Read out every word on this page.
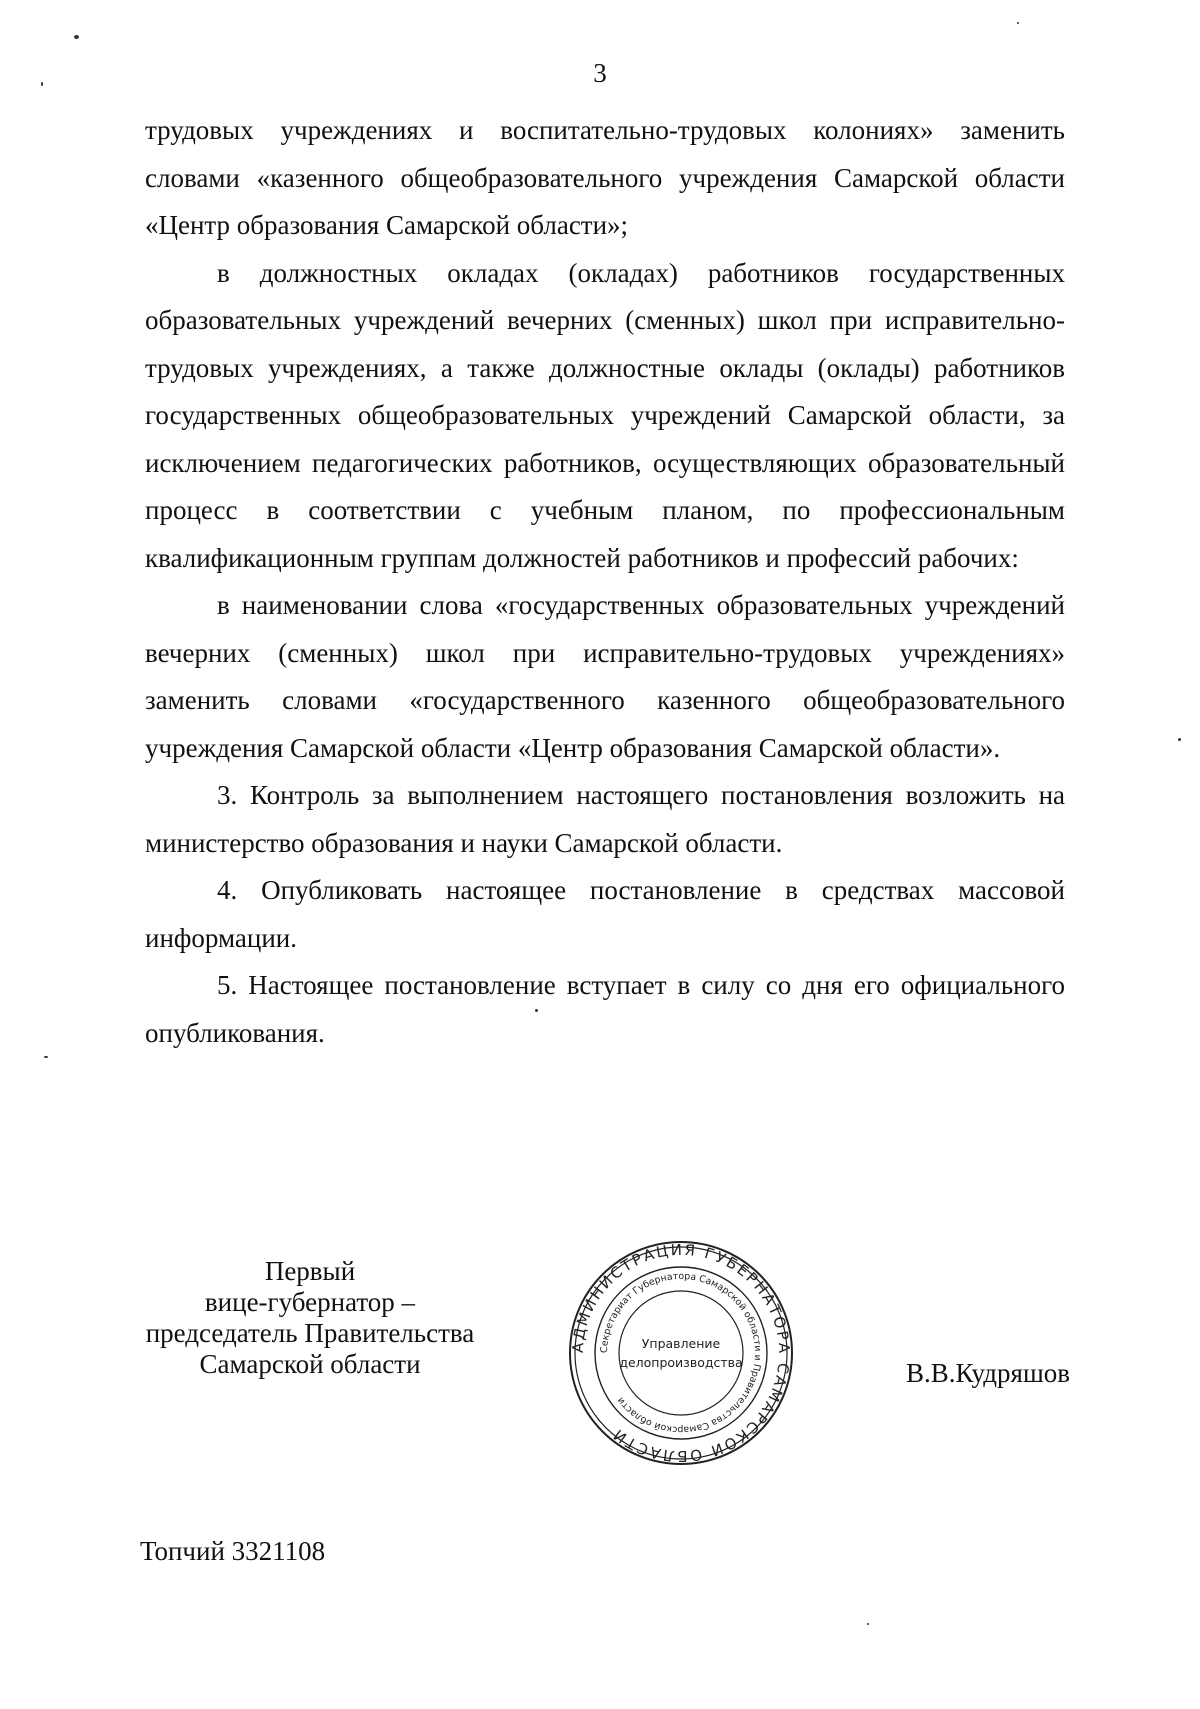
3

трудовых учреждениях и воспитательно-трудовых колониях» заменить словами «казенного общеобразовательного учреждения Самарской области «Центр образования Самарской области»;

в должностных окладах (окладах) работников государственных образовательных учреждений вечерних (сменных) школ при исправительно-трудовых учреждениях, а также должностные оклады (оклады) работников государственных общеобразовательных учреждений Самарской области, за исключением педагогических работников, осуществляющих образовательный процесс в соответствии с учебным планом, по профессиональным квалификационным группам должностей работников и профессий рабочих:

в наименовании слова «государственных образовательных учреждений вечерних (сменных) школ при исправительно-трудовых учреждениях» заменить словами «государственного казенного общеобразовательного учреждения Самарской области «Центр образования Самарской области».

3. Контроль за выполнением настоящего постановления возложить на министерство образования и науки Самарской области.

4. Опубликовать настоящее постановление в средствах массовой информации.

5. Настоящее постановление вступает в силу со дня его официального опубликования.

Первый
вице-губернатор –
председатель Правительства
Самарской области
АДМИНИСТРАЦИЯ ГУБЕРНАТОРА САМАРСКОЙ ОБЛАСТИ
Секретариат Губернатора Самарской области и Правительства Самарской области
Управление
делопроизводства	В.В.Кудряшов
Топчий 3321108
